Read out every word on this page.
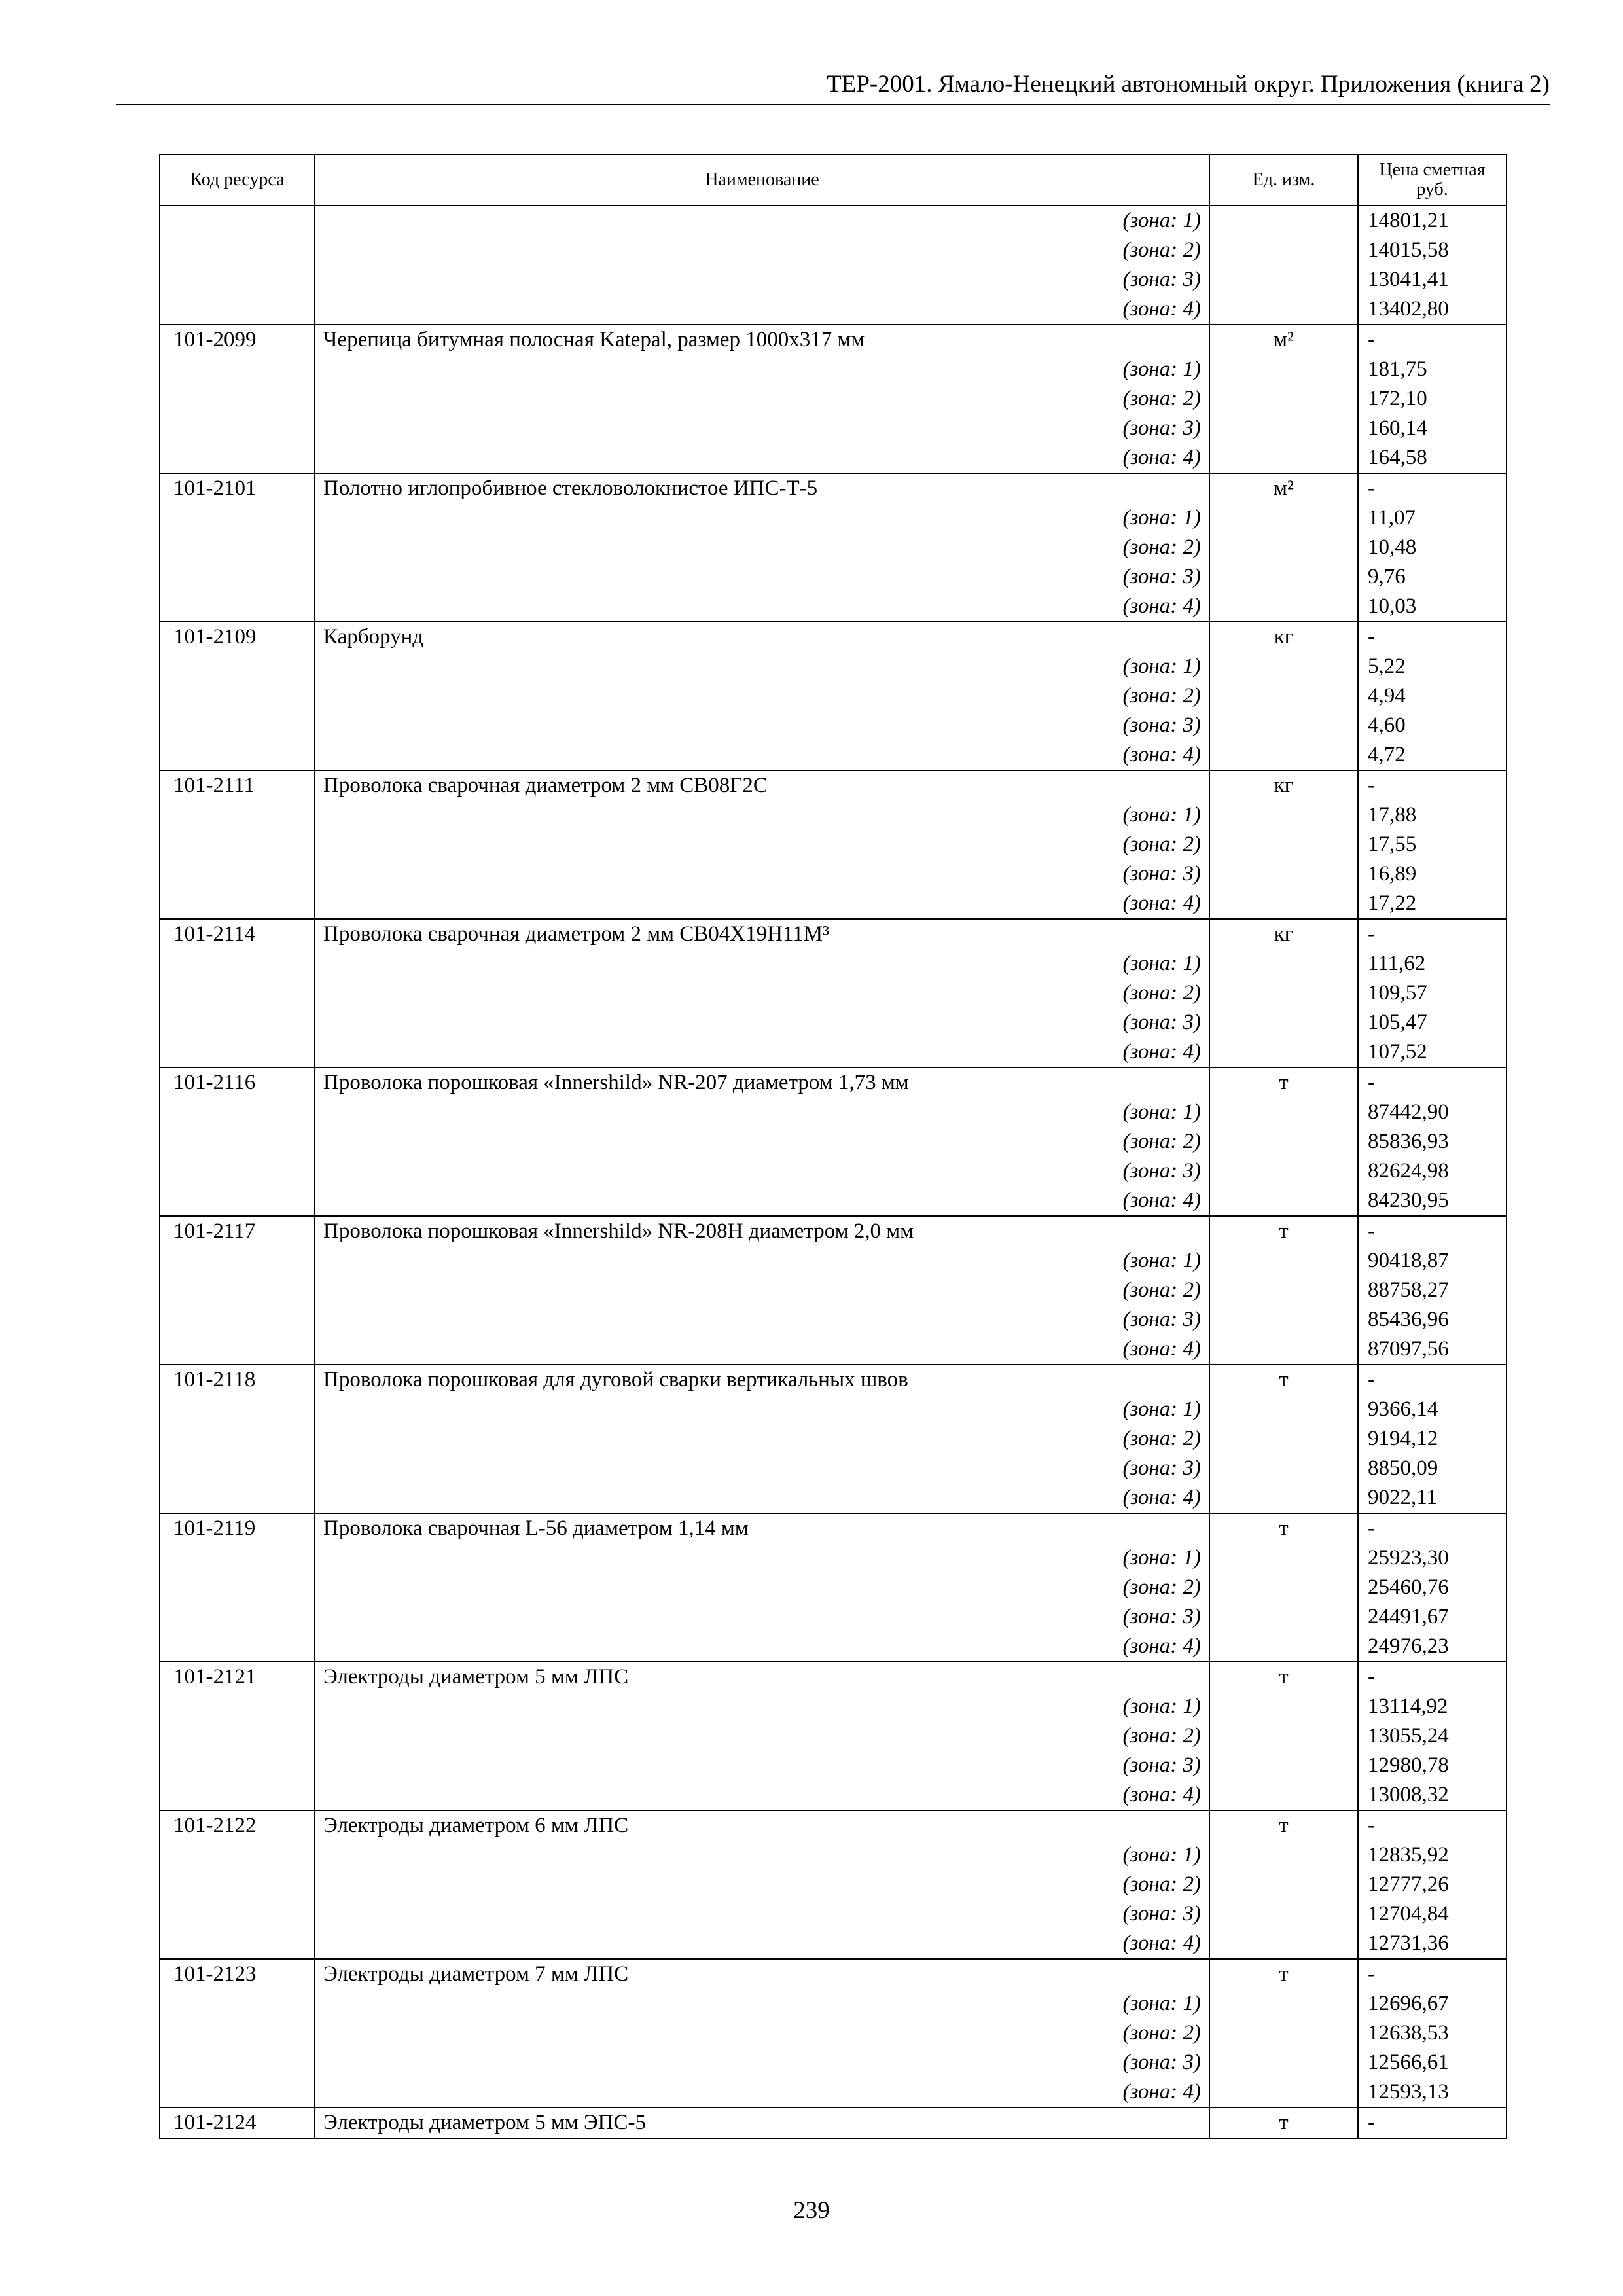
ТЕР-2001. Ямало-Ненецкий автономный округ. Приложения (книга 2)
Код ресурса	Наименование	Ед. изм.	Цена сметная руб.
	(зона: 1)		14801,21
	(зона: 2)		14015,58
	(зона: 3)		13041,41
	(зона: 4)		13402,80
101-2099	Черепица битумная полосная Katepal, размер 1000х317 мм	м²	-
	(зона: 1)		181,75
	(зона: 2)		172,10
	(зона: 3)		160,14
	(зона: 4)		164,58
101-2101	Полотно иглопробивное стекловолокнистое ИПС-Т-5	м²	-
	(зона: 1)		11,07
	(зона: 2)		10,48
	(зона: 3)		9,76
	(зона: 4)		10,03
101-2109	Карборунд	кг	-
	(зона: 1)		5,22
	(зона: 2)		4,94
	(зона: 3)		4,60
	(зона: 4)		4,72
101-2111	Проволока сварочная диаметром 2 мм СВ08Г2С	кг	-
	(зона: 1)		17,88
	(зона: 2)		17,55
	(зона: 3)		16,89
	(зона: 4)		17,22
101-2114	Проволока сварочная диаметром 2 мм СВ04Х19Н11М³	кг	-
	(зона: 1)		111,62
	(зона: 2)		109,57
	(зона: 3)		105,47
	(зона: 4)		107,52
101-2116	Проволока порошковая «Innershild» NR-207 диаметром 1,73 мм	т	-
	(зона: 1)		87442,90
	(зона: 2)		85836,93
	(зона: 3)		82624,98
	(зона: 4)		84230,95
101-2117	Проволока порошковая «Innershild» NR-208H диаметром 2,0 мм	т	-
	(зона: 1)		90418,87
	(зона: 2)		88758,27
	(зона: 3)		85436,96
	(зона: 4)		87097,56
101-2118	Проволока порошковая для дуговой сварки вертикальных швов	т	-
	(зона: 1)		9366,14
	(зона: 2)		9194,12
	(зона: 3)		8850,09
	(зона: 4)		9022,11
101-2119	Проволока сварочная L-56 диаметром 1,14 мм	т	-
	(зона: 1)		25923,30
	(зона: 2)		25460,76
	(зона: 3)		24491,67
	(зона: 4)		24976,23
101-2121	Электроды диаметром 5 мм ЛПС	т	-
	(зона: 1)		13114,92
	(зона: 2)		13055,24
	(зона: 3)		12980,78
	(зона: 4)		13008,32
101-2122	Электроды диаметром 6 мм ЛПС	т	-
	(зона: 1)		12835,92
	(зона: 2)		12777,26
	(зона: 3)		12704,84
	(зона: 4)		12731,36
101-2123	Электроды диаметром 7 мм ЛПС	т	-
	(зона: 1)		12696,67
	(зона: 2)		12638,53
	(зона: 3)		12566,61
	(зона: 4)		12593,13
101-2124	Электроды диаметром 5 мм ЭПС-5	т	-
239
